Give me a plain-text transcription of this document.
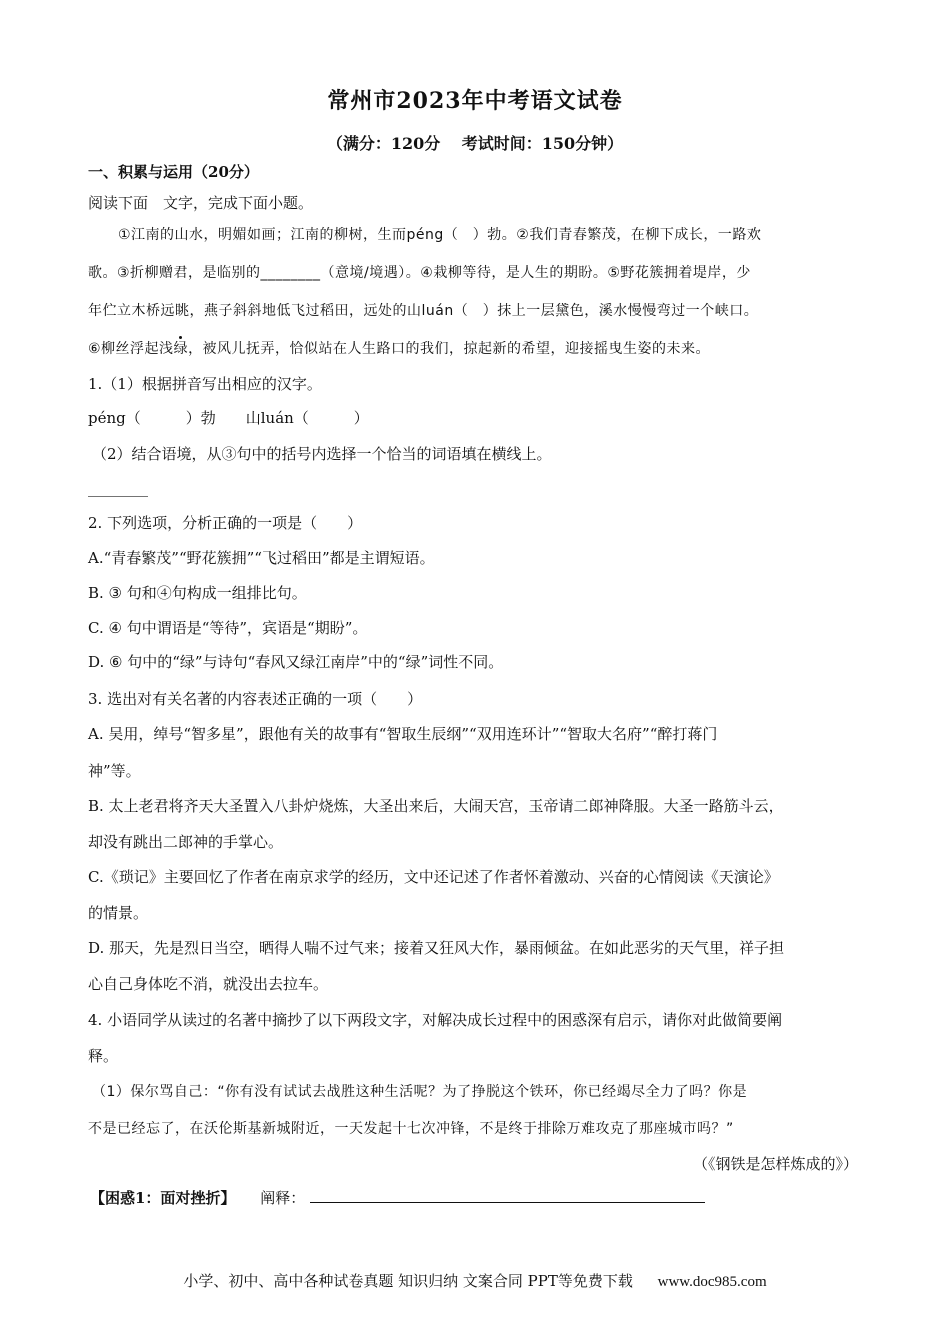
常州市2023年中考语文试卷
（满分：120分　 考试时间：150分钟）
一、积累与运用（20分）
阅读下面　文字，完成下面小题。
①江南的山水，明媚如画；江南的柳树，生而péng（　）勃。②我们青春繁茂，在柳下成长，一路欢
歌。③折柳赠君，是临别的________（意境/境遇）。④栽柳等待，是人生的期盼。⑤野花簇拥着堤岸，少
年伫立木桥远眺，燕子斜斜地低飞过稻田，远处的山luán（　）抹上一层黛色，溪水慢慢弯过一个峡口。
⑥柳丝浮起浅绿，被风儿抚弄，恰似站在人生路口的我们，掠起新的希望，迎接摇曳生姿的未来。
1.（1）根据拼音写出相应的汉字。
péng（　　　）勃　　山luán（　　　）
（2）结合语境，从③句中的括号内选择一个恰当的词语填在横线上。
________
2. 下列选项，分析正确的一项是（　　）
A.“青春繁茂”“野花簇拥”“飞过稻田”都是主谓短语。
B. ③ 句和④句构成一组排比句。
C. ④ 句中谓语是“等待”，宾语是“期盼”。
D. ⑥ 句中的“绿”与诗句“春风又绿江南岸”中的“绿”词性不同。
3. 选出对有关名著的内容表述正确的一项（　　）
A. 吴用，绰号“智多星”，跟他有关的故事有“智取生辰纲”“双用连环计”“智取大名府”“醉打蒋门
神”等。
B. 太上老君将齐天大圣置入八卦炉烧炼，大圣出来后，大闹天宫，玉帝请二郎神降服。大圣一路筋斗云，
却没有跳出二郎神的手掌心。
C.《琐记》主要回忆了作者在南京求学的经历，文中还记述了作者怀着激动、兴奋的心情阅读《天演论》
的情景。
D. 那天，先是烈日当空，晒得人喘不过气来；接着又狂风大作，暴雨倾盆。在如此恶劣的天气里，祥子担
心自己身体吃不消，就没出去拉车。
4. 小语同学从读过的名著中摘抄了以下两段文字，对解决成长过程中的困惑深有启示，请你对此做简要阐
释。
（1）保尔骂自己：“你有没有试试去战胜这种生活呢？为了挣脱这个铁环，你已经竭尽全力了吗？你是
不是已经忘了，在沃伦斯基新城附近，一天发起十七次冲锋，不是终于排除万难攻克了那座城市吗？”
（《钢铁是怎样炼成的》）
【困惑1：面对挫折】 阐释：
小学、初中、高中各种试卷真题 知识归纳 文案合同 PPT等免费下载 www.doc985.com
